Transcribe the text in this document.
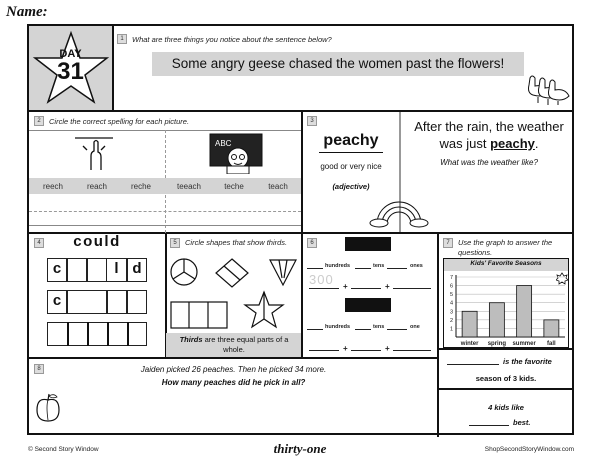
Name:
DAY
31
1	What are three things you notice about the sentence below?
Some angry geese chased the women past the flowers!
2	Circle the correct spelling for each picture.
ABC
reech	reach	reche	teeach	teche	teach
3
peachy
good or very nice
(adjective)
After the rain, the weather was just peachy.
What was the weather like?
4	could
c	l d
c
5	Circle shapes that show thirds.
Thirds are three equal parts of a whole.
6
hundreds	tens	ones
300 +	+
hundreds	tens	one
+	+
7	Use the graph to answer the questions.
Kids' Favorite Seasons
1
2
3
4
5
6
7
winter spring summer fall
is the favorite
season of 3 kids.
4 kids like
best.
8	Jaiden picked 26 peaches. Then he picked 34 more.
How many peaches did he pick in all?
© Second Story Window	thirty-one	ShopSecondStoryWindow.com
